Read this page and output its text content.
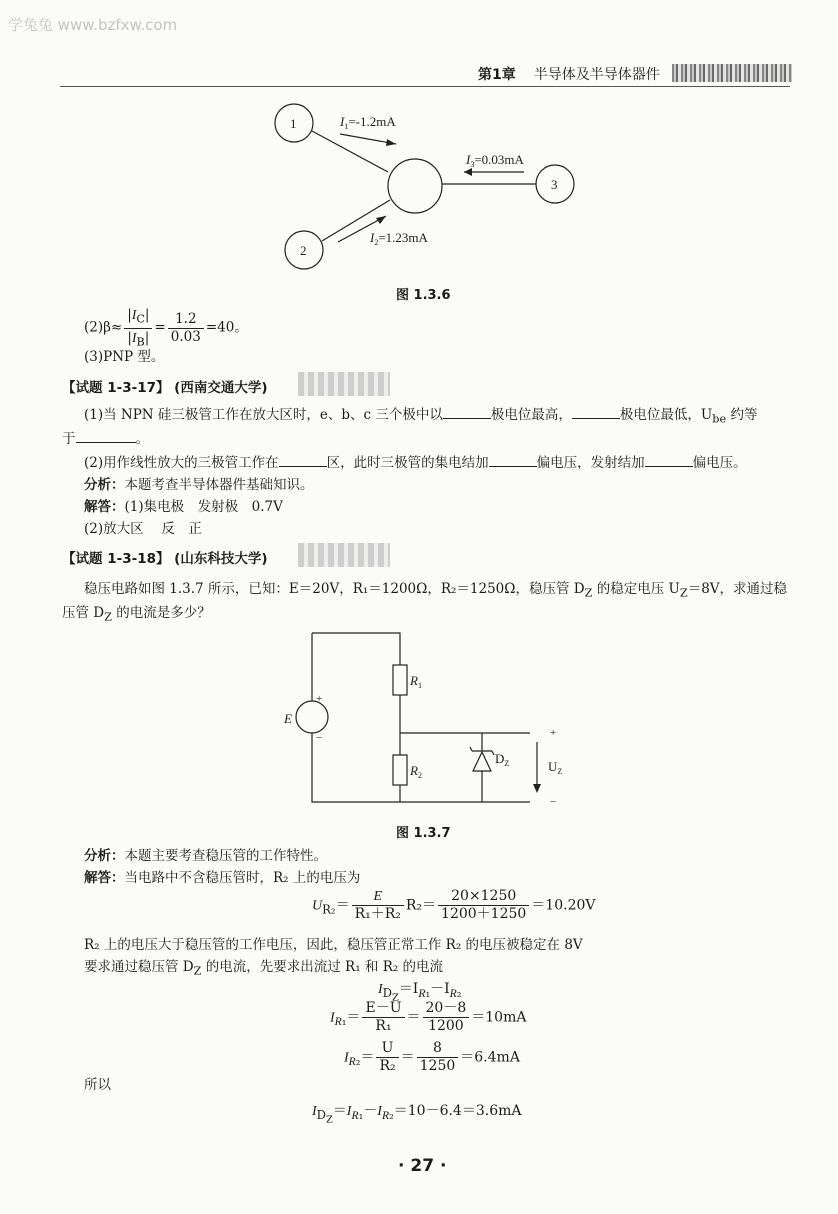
学兔兔 www.bzfxw.com
第1章 半导体及半导体器件
1
2
3
$I_1=-1.2mA$
$I_3=0.03mA$
$I_2=1.23mA$
图 1.3.6
$(2)\beta\approx \frac{|I_C|}{|I_B|} = \frac{1.2}{0.03} =40$。
(3)PNP 型。
【试题 1-3-17】 (西南交通大学)
(1)当 NPN 硅三极管工作在放大区时，e、b、c 三个极中以	极电位最高，	极电位最低，$U_{be}$ 约等
于	。
(2)用作线性放大的三极管工作在	区，此时三极管的集电结加	偏电压，发射结加	偏电压。
分析：本题考查半导体器件基础知识。
解答：(1)集电极　发射极　0.7V
(2)放大区　 反　正
【试题 1-3-18】 (山东科技大学)
稳压电路如图 1.3.7 所示，已知：E＝20V，R₁＝1200Ω，R₂＝1250Ω，稳压管 $D_Z$ 的稳定电压 $U_Z=8V$，求通过稳
压管 $D_Z$ 的电流是多少？
E
+
−
$R_1$
$R_2$
$D_Z$	$U_Z$
+
−
图 1.3.7
分析：本题主要考查稳压管的工作特性。
解答：当电路中不含稳压管时，R₂ 上的电压为
$U_{R_2}= \frac{E}{\text{R₁＋R₂}} R_2= \frac{20\times 1250}{1200+1250} =10.20V$
R₂ 上的电压大于稳压管的工作电压，因此，稳压管正常工作 R₂ 的电压被稳定在 8V
要求通过稳压管 $D_Z$ 的电流，先要求出流过 R₁ 和 R₂ 的电流
$I_{D_Z}=I_{R_1}-I_{R_2}$
$I_{R_1}= \frac{E-U}{\text{R₁}} = \frac{20-8}{1200} =10mA$
$I_{R_2}= \frac{U}{\text{R₂}} = \frac{8}{1250} =6.4mA$
所以
$I_{D_Z}=I_{R_1}-I_{R_2}=10-6.4=3.6mA$
· 27 ·
